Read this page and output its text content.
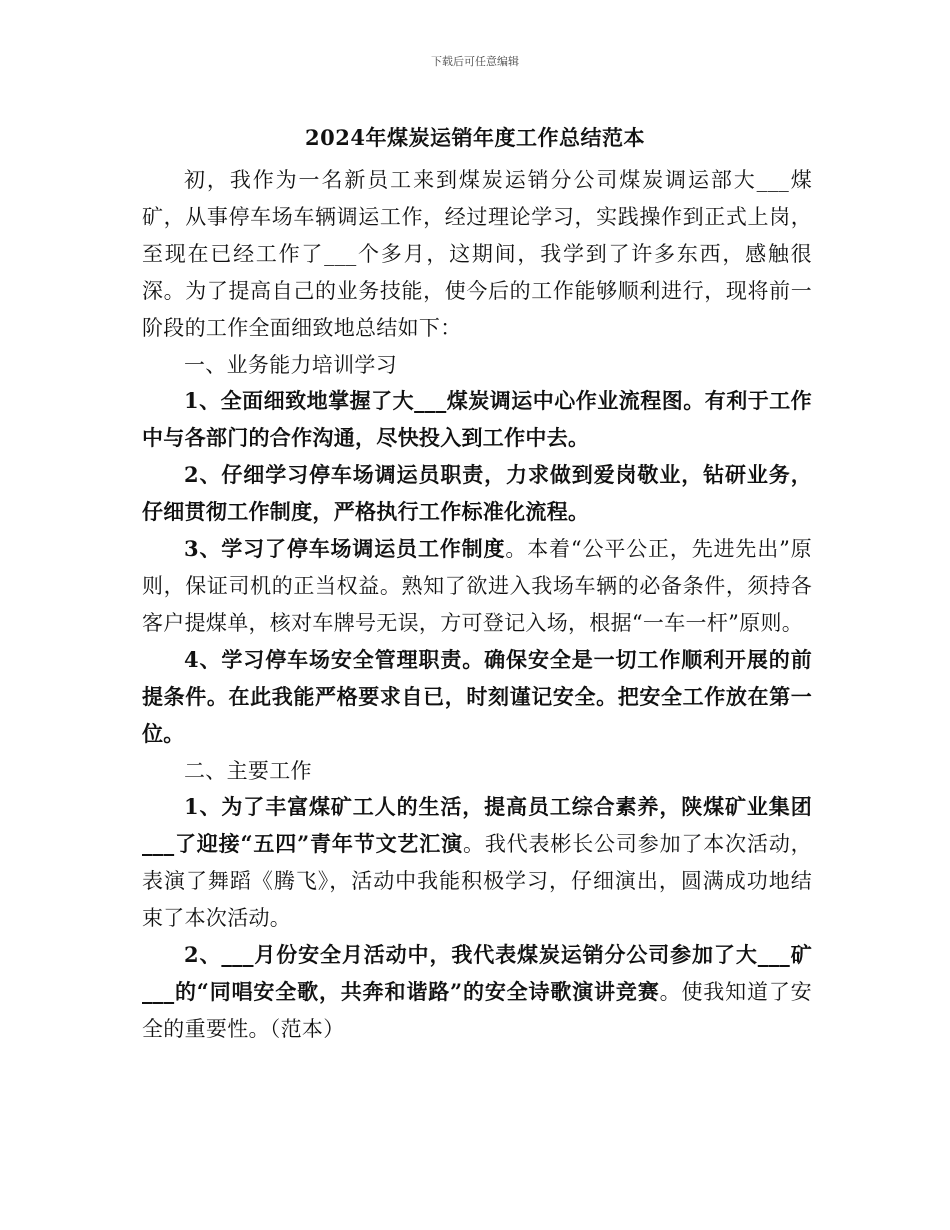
下载后可任意编辑
2024年煤炭运销年度工作总结范本

初，我作为一名新员工来到煤炭运销分公司煤炭调运部大___煤矿，从事停车场车辆调运工作，经过理论学习，实践操作到正式上岗，至现在已经工作了___个多月，这期间，我学到了许多东西，感触很深。为了提高自己的业务技能，使今后的工作能够顺利进行，现将前一阶段的工作全面细致地总结如下：

一、业务能力培训学习

1、全面细致地掌握了大___煤炭调运中心作业流程图。有利于工作中与各部门的合作沟通，尽快投入到工作中去。

2、仔细学习停车场调运员职责，力求做到爱岗敬业，钻研业务，仔细贯彻工作制度，严格执行工作标准化流程。

3、学习了停车场调运员工作制度。本着“公平公正，先进先出”原则，保证司机的正当权益。熟知了欲进入我场车辆的必备条件，须持各客户提煤单，核对车牌号无误，方可登记入场，根据“一车一杆”原则。

4、学习停车场安全管理职责。确保安全是一切工作顺利开展的前提条件。在此我能严格要求自已，时刻谨记安全。把安全工作放在第一位。

二、主要工作

1、为了丰富煤矿工人的生活，提高员工综合素养，陕煤矿业集团___了迎接“五四”青年节文艺汇演。我代表彬长公司参加了本次活动，表演了舞蹈《腾飞》，活动中我能积极学习，仔细演出，圆满成功地结束了本次活动。

2、___月份安全月活动中，我代表煤炭运销分公司参加了大___矿___的“同唱安全歌，共奔和谐路”的安全诗歌演讲竞赛。使我知道了安全的重要性。（范本）
